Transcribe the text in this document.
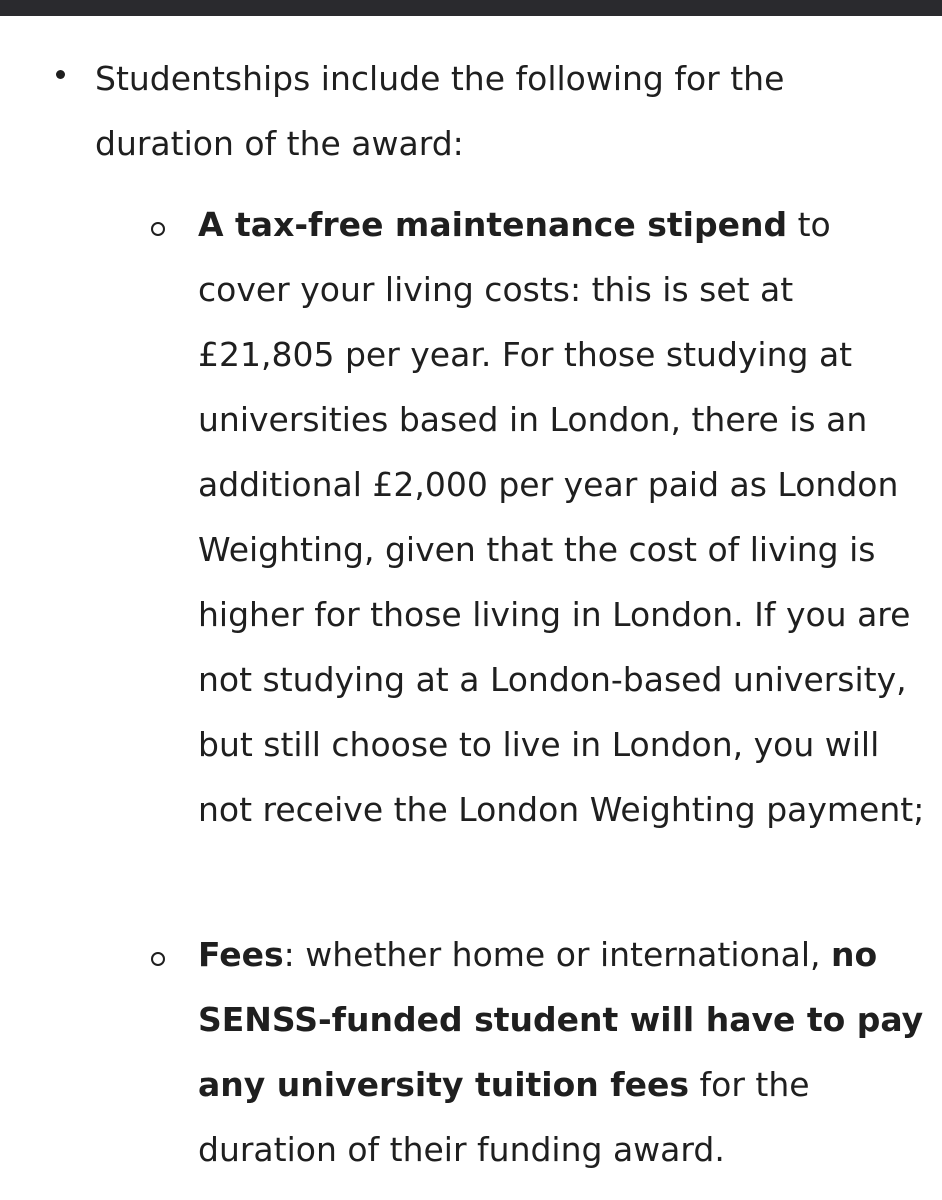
Studentships include the following for the duration of the award:

A tax-free maintenance stipend to cover your living costs: this is set at £21,805 per year. For those studying at universities based in London, there is an additional £2,000 per year paid as London Weighting, given that the cost of living is higher for those living in London. If you are not studying at a London-based university, but still choose to live in London, you will not receive the London Weighting payment;

Fees: whether home or international, no SENSS-funded student will have to pay any university tuition fees for the duration of their funding award.
